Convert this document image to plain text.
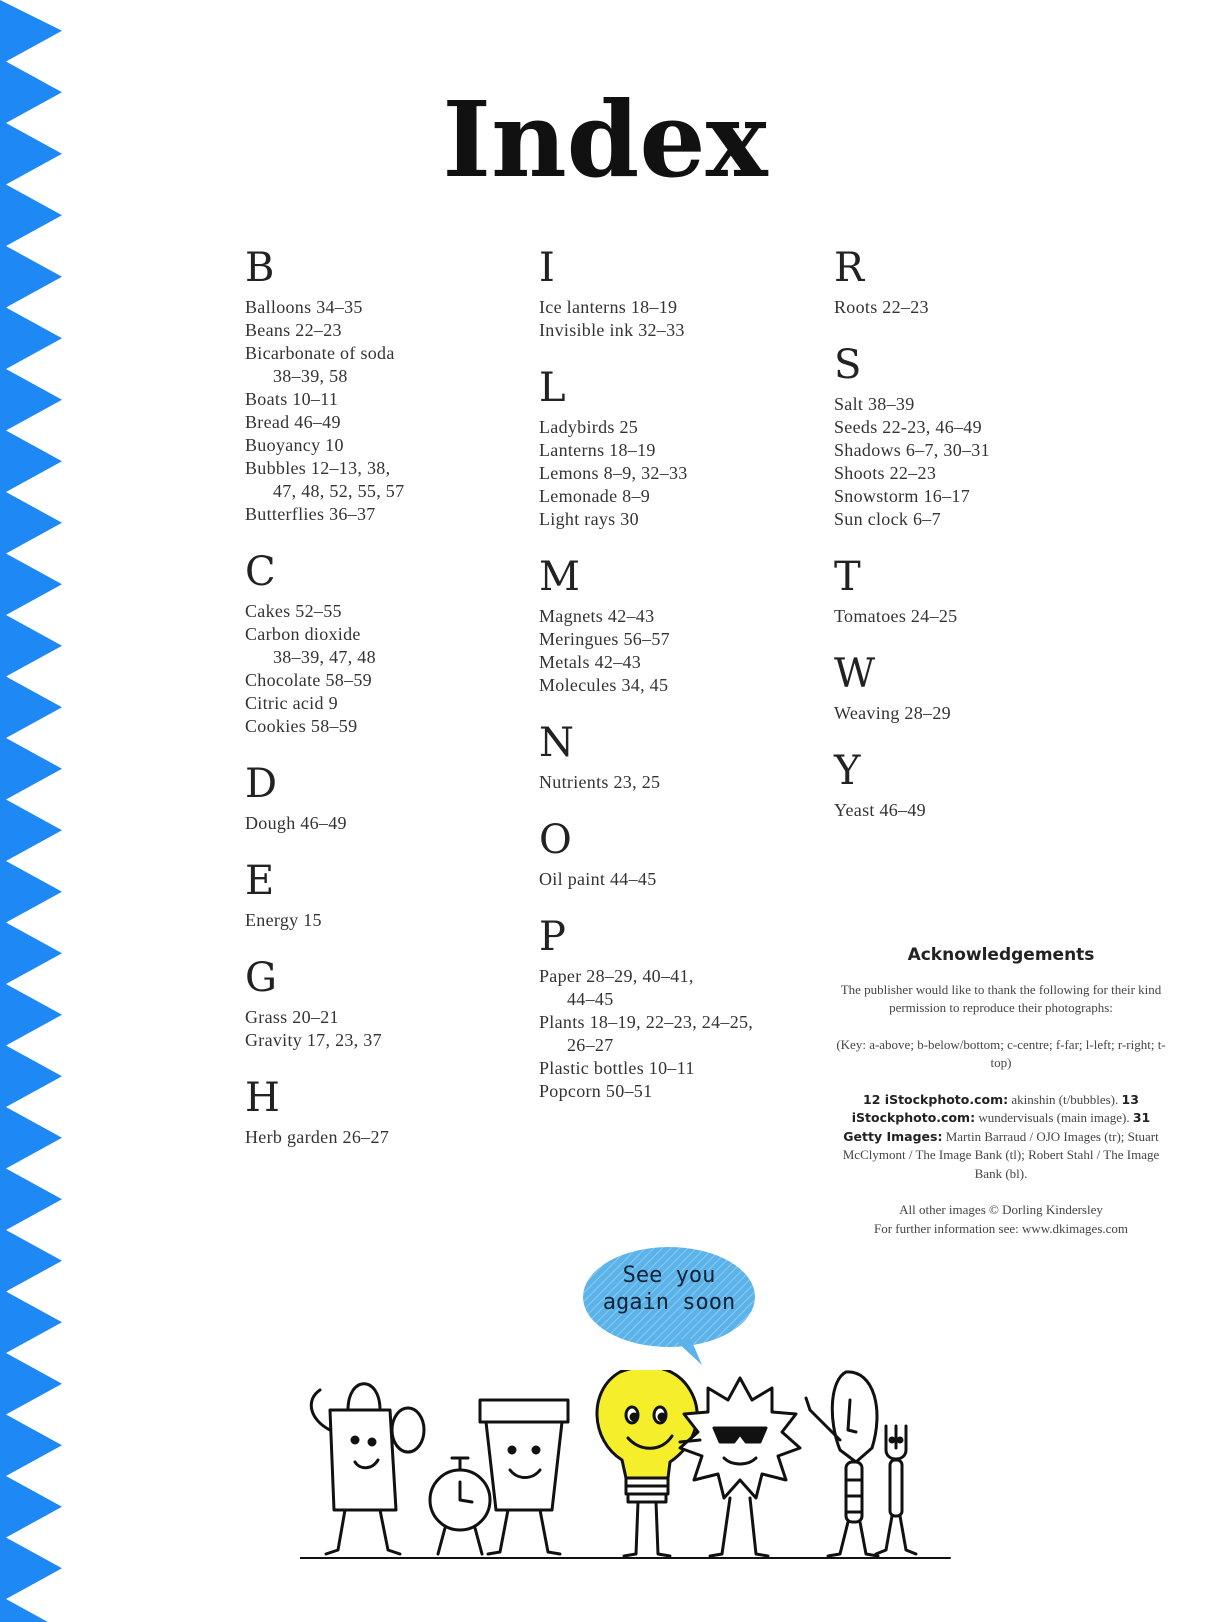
Index
B
Balloons 34–35
Beans 22–23
Bicarbonate of soda
38–39, 58
Boats 10–11
Bread 46–49
Buoyancy 10
Bubbles 12–13, 38,
47, 48, 52, 55, 57
Butterflies 36–37
C
Cakes 52–55
Carbon dioxide
38–39, 47, 48
Chocolate 58–59
Citric acid 9
Cookies 58–59
D
Dough 46–49
E
Energy 15
G
Grass 20–21
Gravity 17, 23, 37
H
Herb garden 26–27
I
Ice lanterns 18–19
Invisible ink 32–33
L
Ladybirds 25
Lanterns 18–19
Lemons 8–9, 32–33
Lemonade 8–9
Light rays 30
M
Magnets 42–43
Meringues 56–57
Metals 42–43
Molecules 34, 45
N
Nutrients 23, 25
O
Oil paint 44–45
P
Paper 28–29, 40–41,
44–45
Plants 18–19, 22–23, 24–25,
26–27
Plastic bottles 10–11
Popcorn 50–51
R
Roots 22–23
S
Salt 38–39
Seeds 22-23, 46–49
Shadows 6–7, 30–31
Shoots 22–23
Snowstorm 16–17
Sun clock 6–7
T
Tomatoes 24–25
W
Weaving 28–29
Y
Yeast 46–49
Acknowledgements

The publisher would like to thank the following for their kind permission to reproduce their photographs:

(Key: a-above; b-below/bottom; c-centre; f-far; l-left; r-right; t-top)

12 iStockphoto.com: akinshin (t/bubbles). 13 iStockphoto.com: wundervisuals (main image). 31 Getty Images: Martin Barraud / OJO Images (tr); Stuart McClymont / The Image Bank (tl); Robert Stahl / The Image Bank (bl).

All other images © Dorling Kindersley
For further information see: www.dkimages.com

See you
again soon
